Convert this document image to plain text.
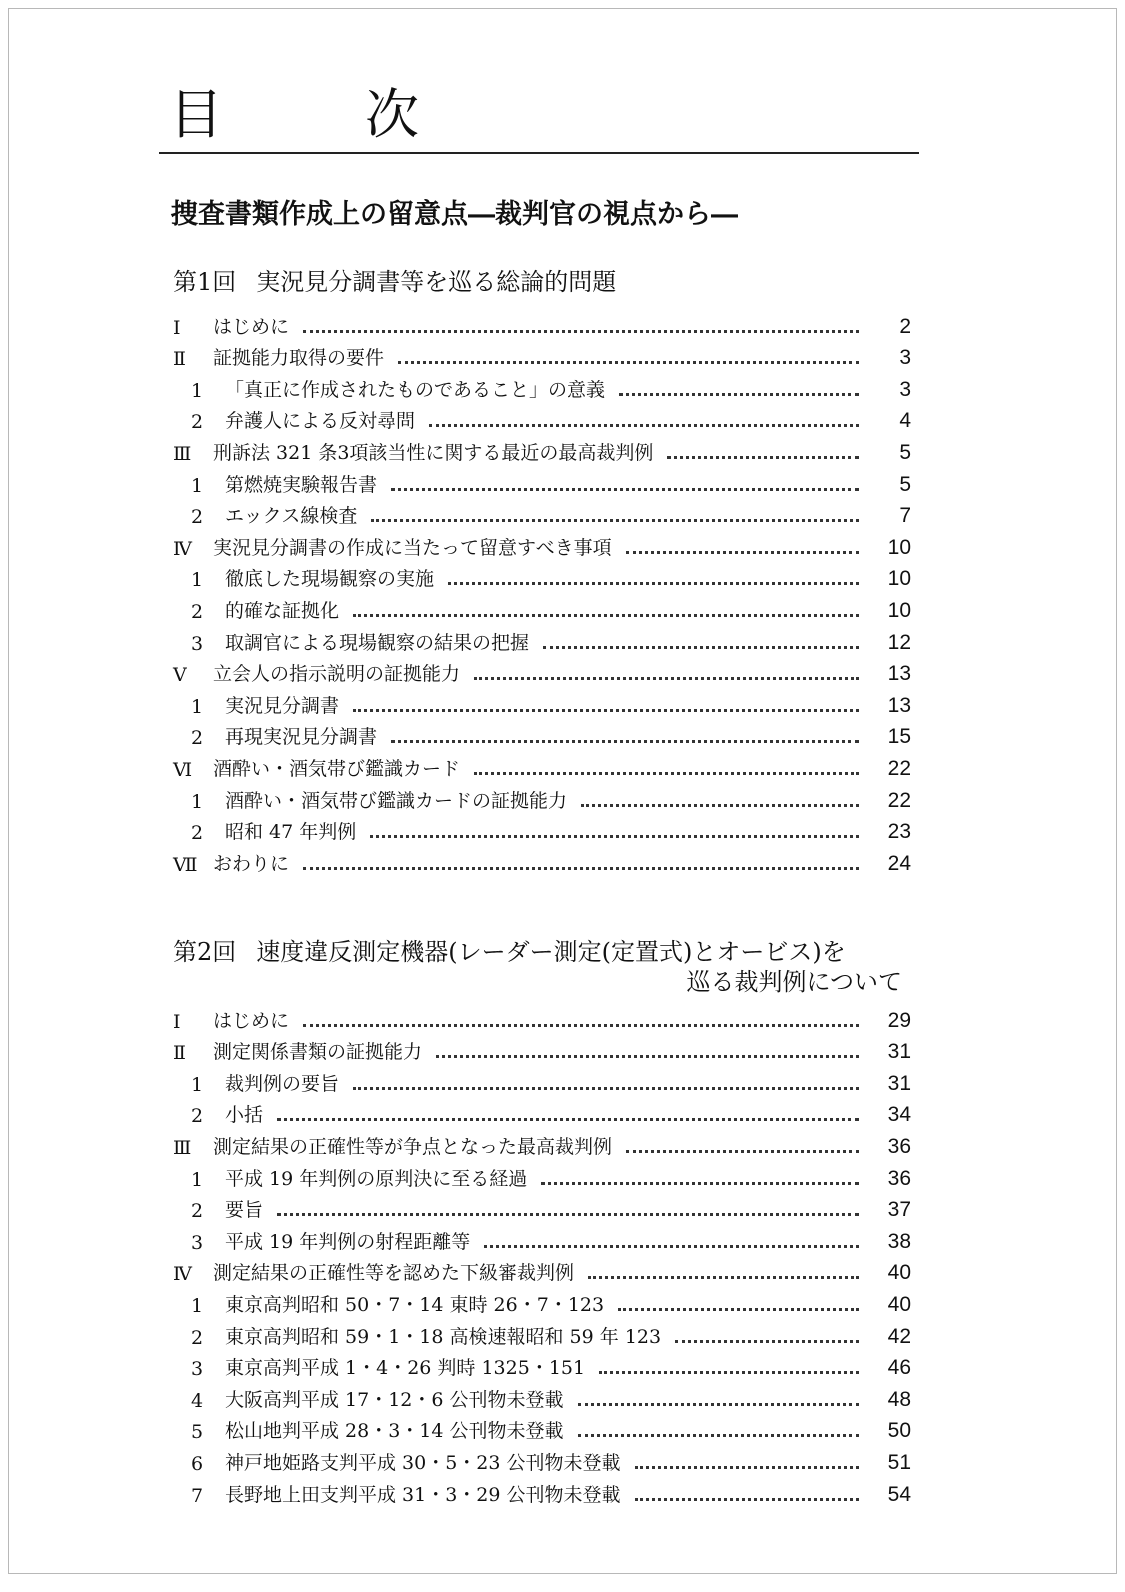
目　次
捜査書類作成上の留意点―裁判官の視点から―
第1回 実況見分調書等を巡る総論的問題
Ⅰ	はじめに	2
Ⅱ	証拠能力取得の要件	3
1	「真正に作成されたものであること」の意義	3
2	弁護人による反対尋問	4
Ⅲ	刑訴法 321 条3項該当性に関する最近の最高裁判例	5
1	第燃焼実験報告書	5
2	エックス線検査	7
Ⅳ	実況見分調書の作成に当たって留意すべき事項	10
1	徹底した現場観察の実施	10
2	的確な証拠化	10
3	取調官による現場観察の結果の把握	12
Ⅴ	立会人の指示説明の証拠能力	13
1	実況見分調書	13
2	再現実況見分調書	15
Ⅵ	酒酔い・酒気帯び鑑識カード	22
1	酒酔い・酒気帯び鑑識カードの証拠能力	22
2	昭和 47 年判例	23
Ⅶ おわりに	24
第2回 速度違反測定機器(レーダー測定(定置式)とオービス)を
巡る裁判例について
Ⅰ	はじめに	29
Ⅱ	測定関係書類の証拠能力	31
1	裁判例の要旨	31
2	小括	34
Ⅲ	測定結果の正確性等が争点となった最高裁判例	36
1	平成 19 年判例の原判決に至る経過	36
2	要旨	37
3	平成 19 年判例の射程距離等	38
Ⅳ	測定結果の正確性等を認めた下級審裁判例	40
1	東京高判昭和 50・7・14 東時 26・7・123	40
2	東京高判昭和 59・1・18 高検速報昭和 59 年 123	42
3	東京高判平成 1・4・26 判時 1325・151	46
4	大阪高判平成 17・12・6 公刊物未登載	48
5	松山地判平成 28・3・14 公刊物未登載	50
6	神戸地姫路支判平成 30・5・23 公刊物未登載	51
7	長野地上田支判平成 31・3・29 公刊物未登載	54
